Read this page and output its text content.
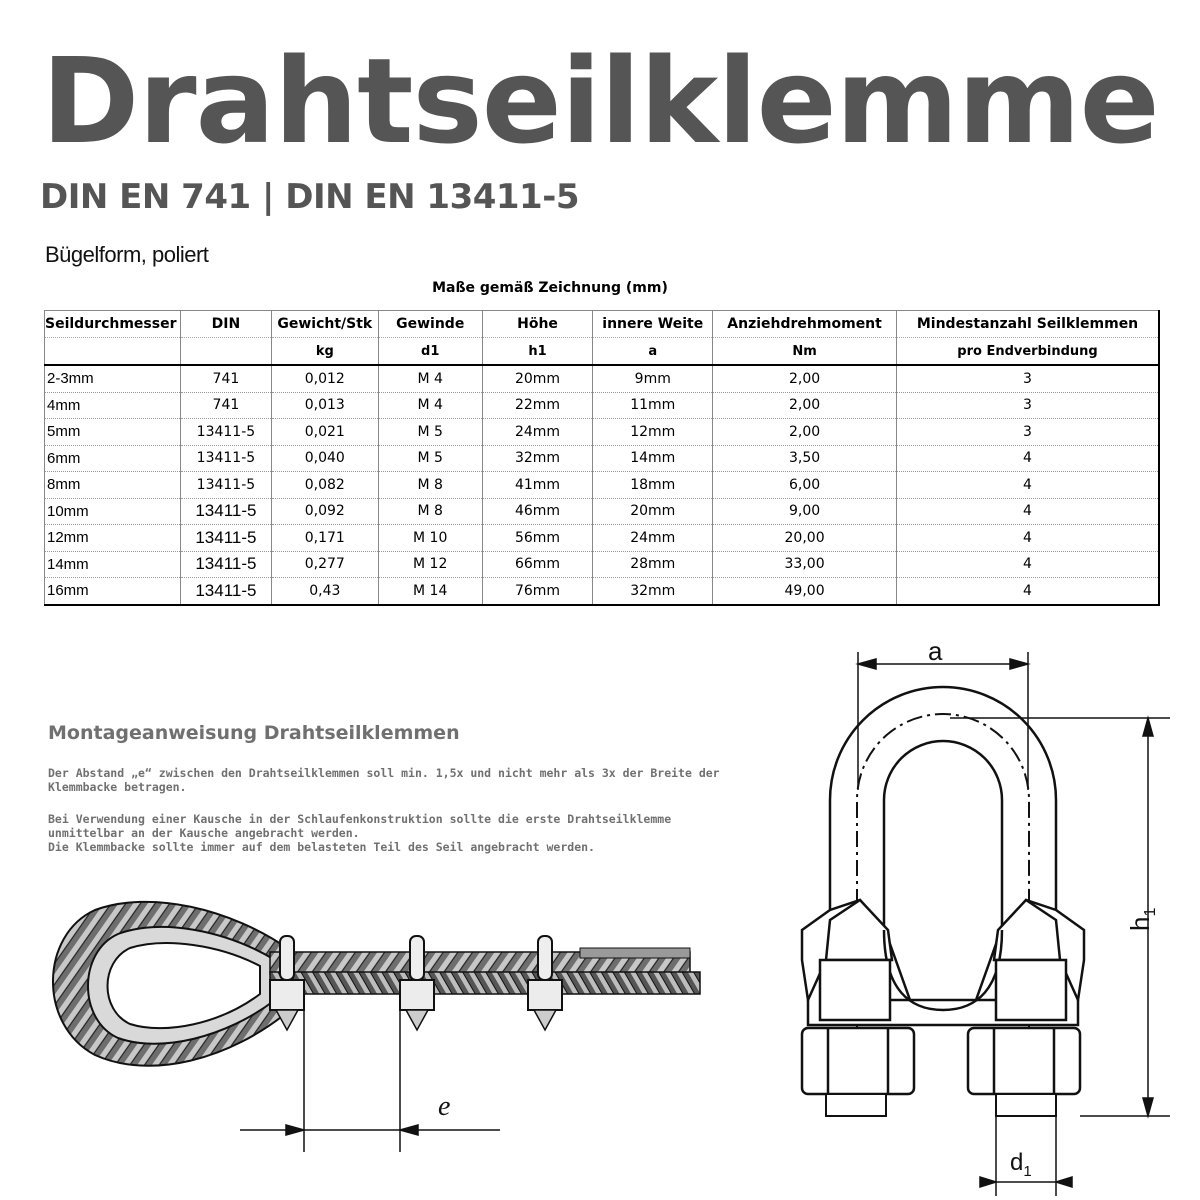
Drahtseilklemme
DIN EN 741 | DIN EN 13411-5
Bügelform, poliert
Maße gemäß Zeichnung (mm)
Seildurchmesser	DIN	Gewicht/Stk	Gewinde	Höhe	innere Weite	Anziehdrehmoment	Mindestanzahl Seilklemmen
		kg	d1	h1	a	Nm	pro Endverbindung
2-3mm	741	0,012	M 4	20mm	9mm	2,00	3
4mm	741	0,013	M 4	22mm	11mm	2,00	3
5mm	13411-5	0,021	M 5	24mm	12mm	2,00	3
6mm	13411-5	0,040	M 5	32mm	14mm	3,50	4
8mm	13411-5	0,082	M 8	41mm	18mm	6,00	4
10mm	13411-5	0,092	M 8	46mm	20mm	9,00	4
12mm	13411-5	0,171	M 10	56mm	24mm	20,00	4
14mm	13411-5	0,277	M 12	66mm	28mm	33,00	4
16mm	13411-5	0,43	M 14	76mm	32mm	49,00	4
Montageanweisung Drahtseilklemmen
Der Abstand „e“ zwischen den Drahtseilklemmen soll min. 1,5x und nicht mehr als 3x der Breite der Klemmbacke betragen.
Bei Verwendung einer Kausche in der Schlaufenkonstruktion sollte die erste Drahtseilklemme unmittelbar an der Kausche angebracht werden.
Die Klemmbacke sollte immer auf dem belasteten Teil des Seil angebracht werden.
e
a
$h_1$
$d_1$
